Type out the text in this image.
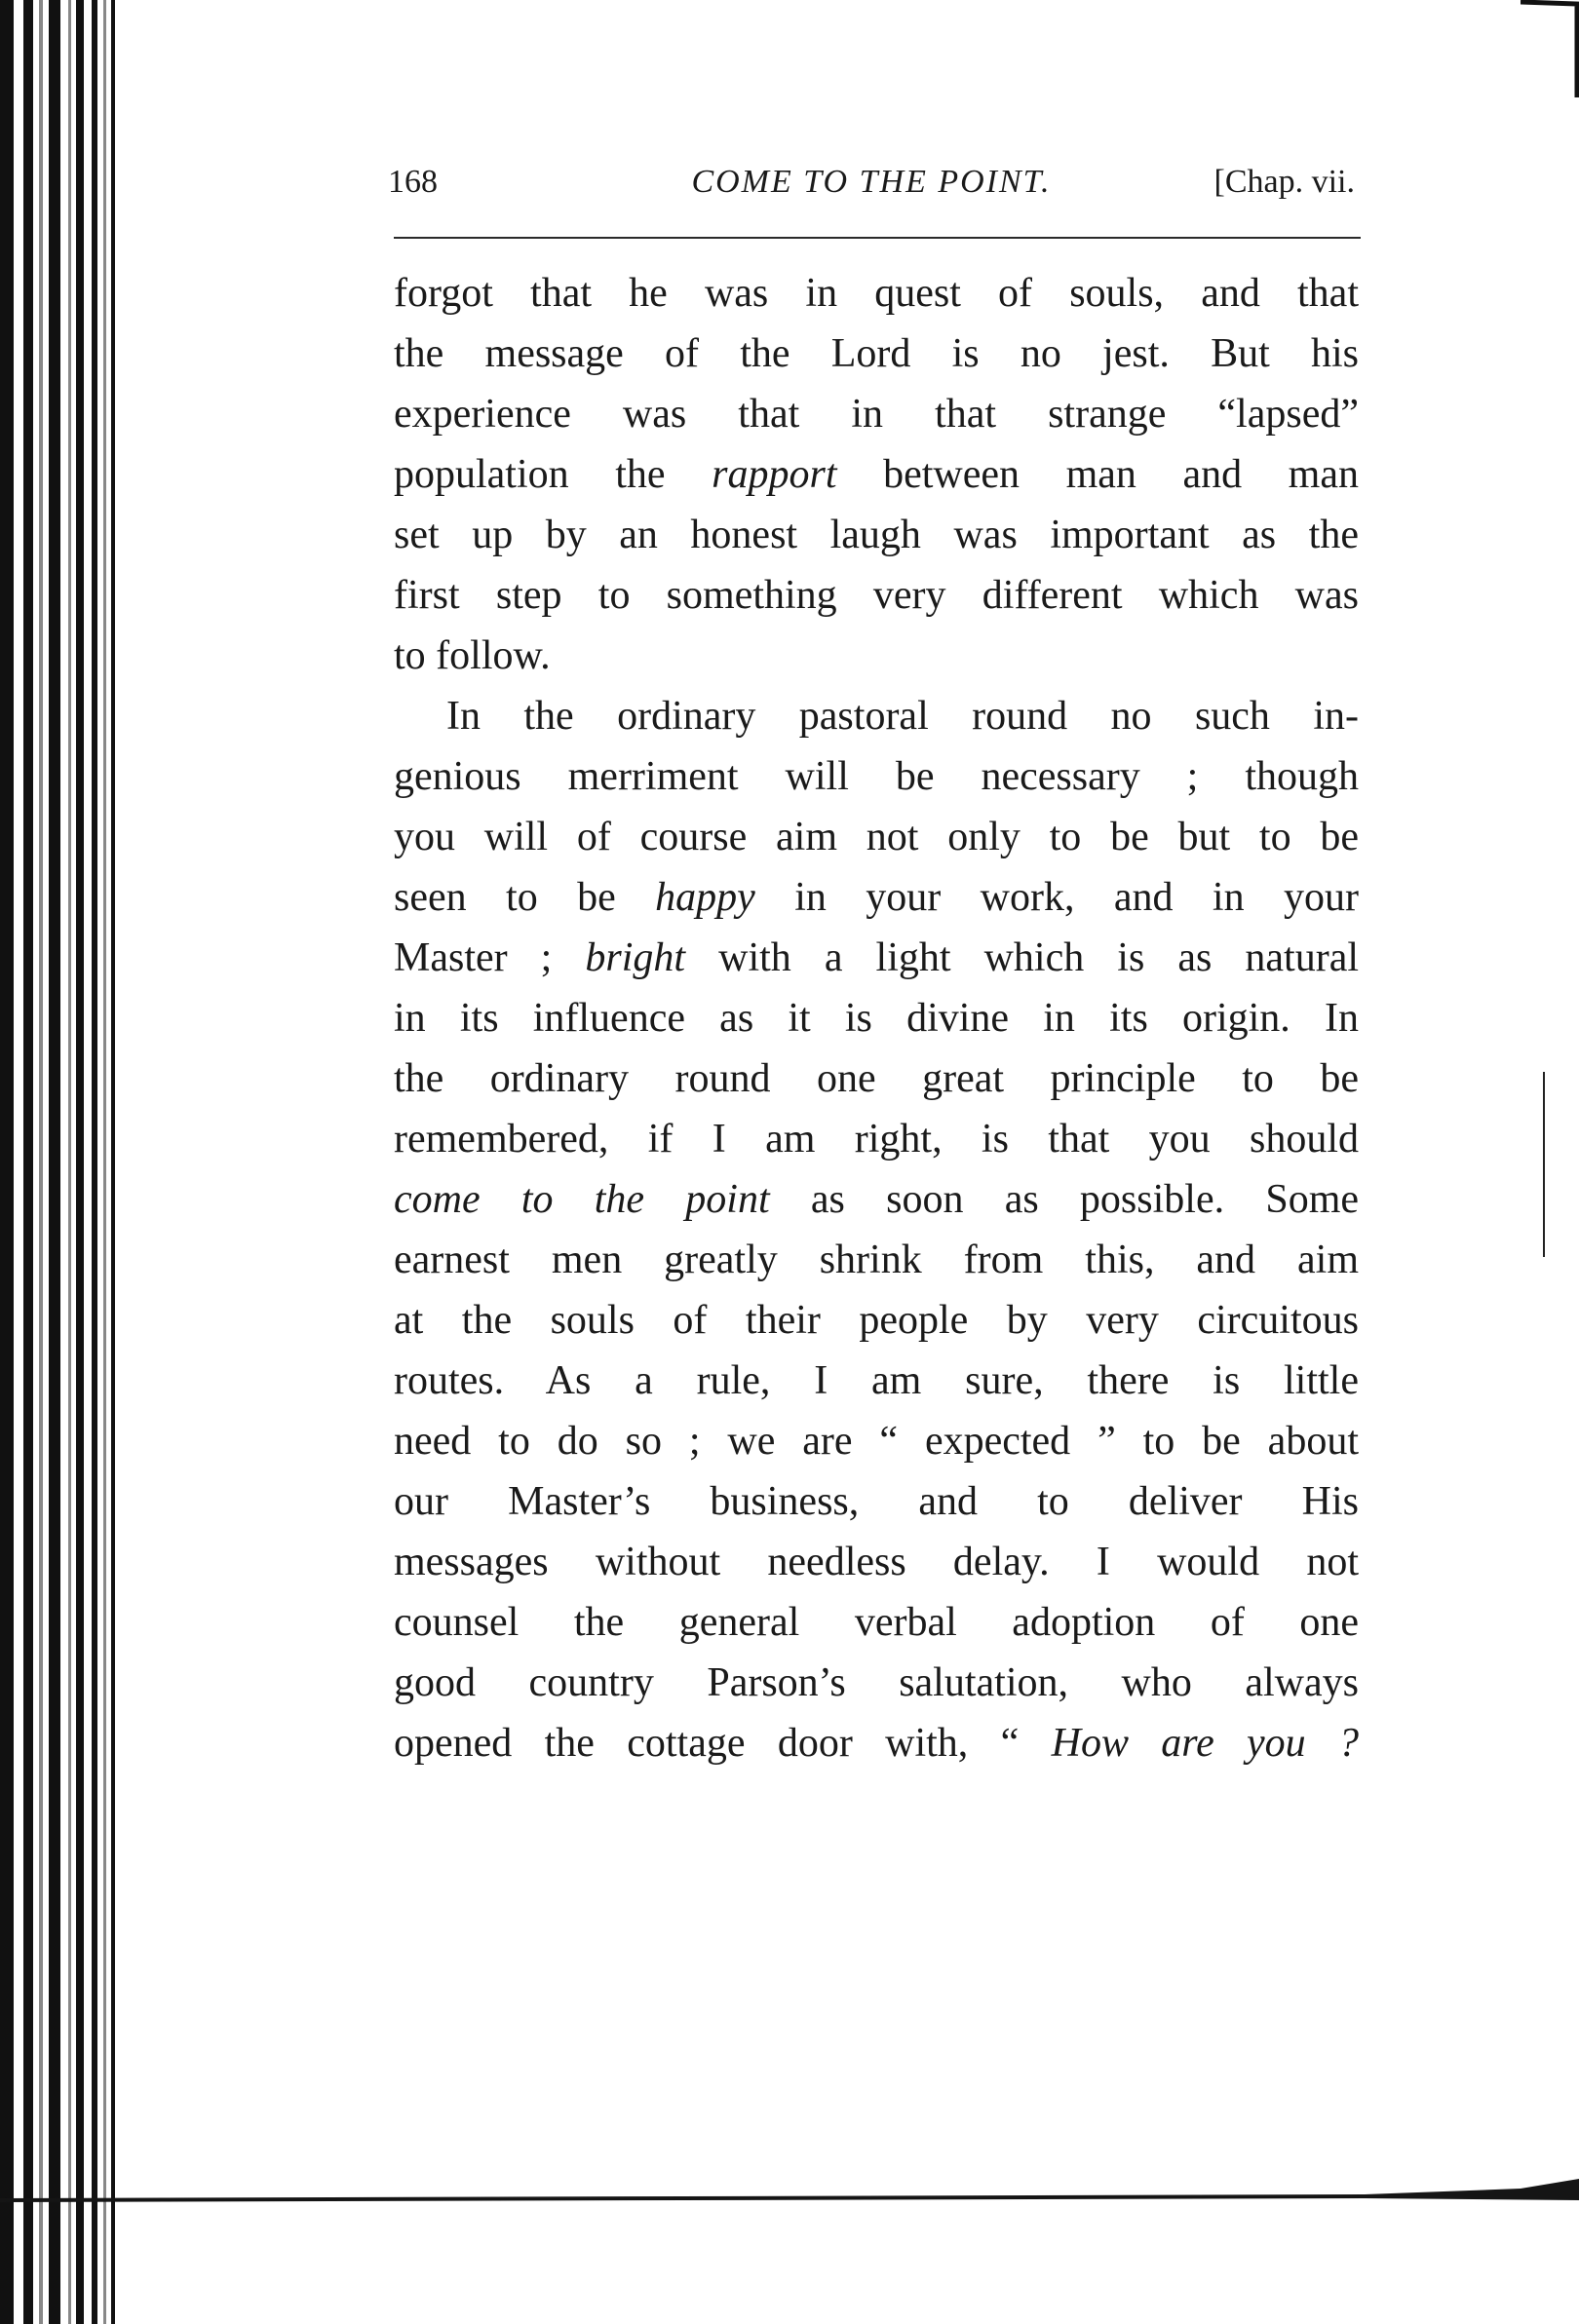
168	COME TO THE POINT.	[Chap. vii.
forgot that he was in quest of souls, and that
the message of the Lord is no jest. But his
experience was that in that strange “lapsed”
population the rapport between man and man
set up by an honest laugh was important as the
first step to something very different which was
to follow.
In the ordinary pastoral round no such in-
genious merriment will be necessary ; though
you will of course aim not only to be but to be
seen to be happy in your work, and in your
Master ; bright with a light which is as natural
in its influence as it is divine in its origin. In
the ordinary round one great principle to be
remembered, if I am right, is that you should
come to the point as soon as possible. Some
earnest men greatly shrink from this, and aim
at the souls of their people by very circuitous
routes. As a rule, I am sure, there is little
need to do so ; we are “ expected ” to be about
our Master’s business, and to deliver His
messages without needless delay. I would not
counsel the general verbal adoption of one
good country Parson’s salutation, who always
opened the cottage door with, “ How are you ?
